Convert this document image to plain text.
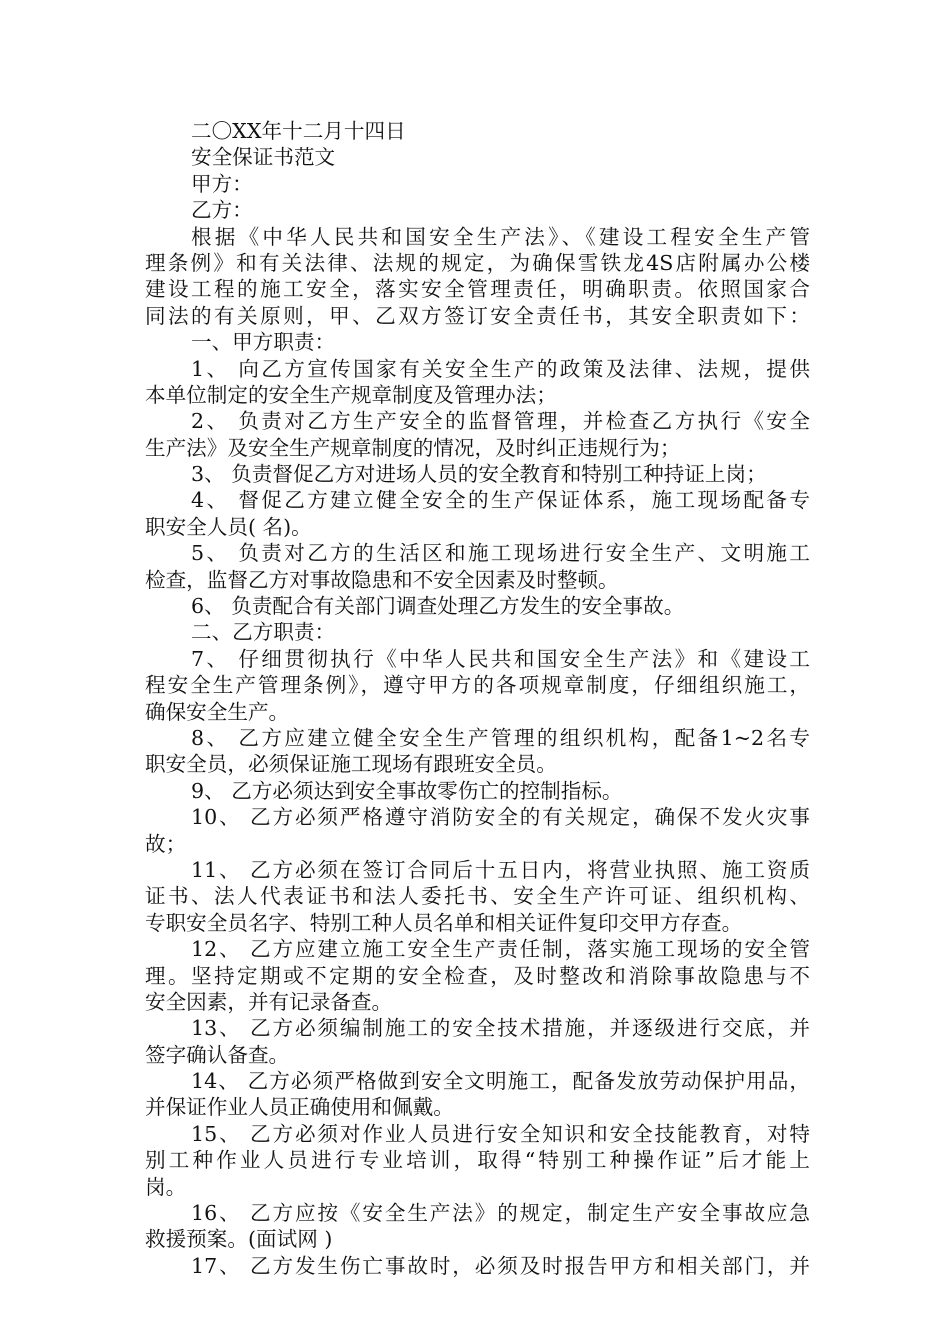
二〇XX年十二月十四日
安全保证书范文
甲方：
乙方：
根据《中华人民共和国安全生产法》、《建设工程安全生产管
理条例》和有关法律、法规的规定，为确保雪铁龙4S店附属办公楼
建设工程的施工安全，落实安全管理责任，明确职责。依照国家合
同法的有关原则，甲、乙双方签订安全责任书，其安全职责如下：
一、甲方职责：
1、 向乙方宣传国家有关安全生产的政策及法律、法规，提供
本单位制定的安全生产规章制度及管理办法；
2、 负责对乙方生产安全的监督管理，并检查乙方执行《安全
生产法》及安全生产规章制度的情况，及时纠正违规行为；
3、 负责督促乙方对进场人员的安全教育和特别工种持证上岗；
4、 督促乙方建立健全安全的生产保证体系，施工现场配备专
职安全人员( 名)。
5、 负责对乙方的生活区和施工现场进行安全生产、文明施工
检查，监督乙方对事故隐患和不安全因素及时整顿。
6、 负责配合有关部门调查处理乙方发生的安全事故。
二、乙方职责：
7、 仔细贯彻执行《中华人民共和国安全生产法》和《建设工
程安全生产管理条例》，遵守甲方的各项规章制度，仔细组织施工，
确保安全生产。
8、 乙方应建立健全安全生产管理的组织机构，配备1~2名专
职安全员，必须保证施工现场有跟班安全员。
9、 乙方必须达到安全事故零伤亡的控制指标。
10、 乙方必须严格遵守消防安全的有关规定，确保不发火灾事
故；
11、 乙方必须在签订合同后十五日内，将营业执照、施工资质
证书、法人代表证书和法人委托书、安全生产许可证、组织机构、
专职安全员名字、特别工种人员名单和相关证件复印交甲方存查。
12、 乙方应建立施工安全生产责任制，落实施工现场的安全管
理。坚持定期或不定期的安全检查，及时整改和消除事故隐患与不
安全因素，并有记录备查。
13、 乙方必须编制施工的安全技术措施，并逐级进行交底，并
签字确认备查。
14、 乙方必须严格做到安全文明施工，配备发放劳动保护用品，
并保证作业人员正确使用和佩戴。
15、 乙方必须对作业人员进行安全知识和安全技能教育，对特
别工种作业人员进行专业培训，取得“特别工种操作证”后才能上
岗。
16、 乙方应按《安全生产法》的规定，制定生产安全事故应急
救援预案。(面试网 )
17、 乙方发生伤亡事故时，必须及时报告甲方和相关部门，并
